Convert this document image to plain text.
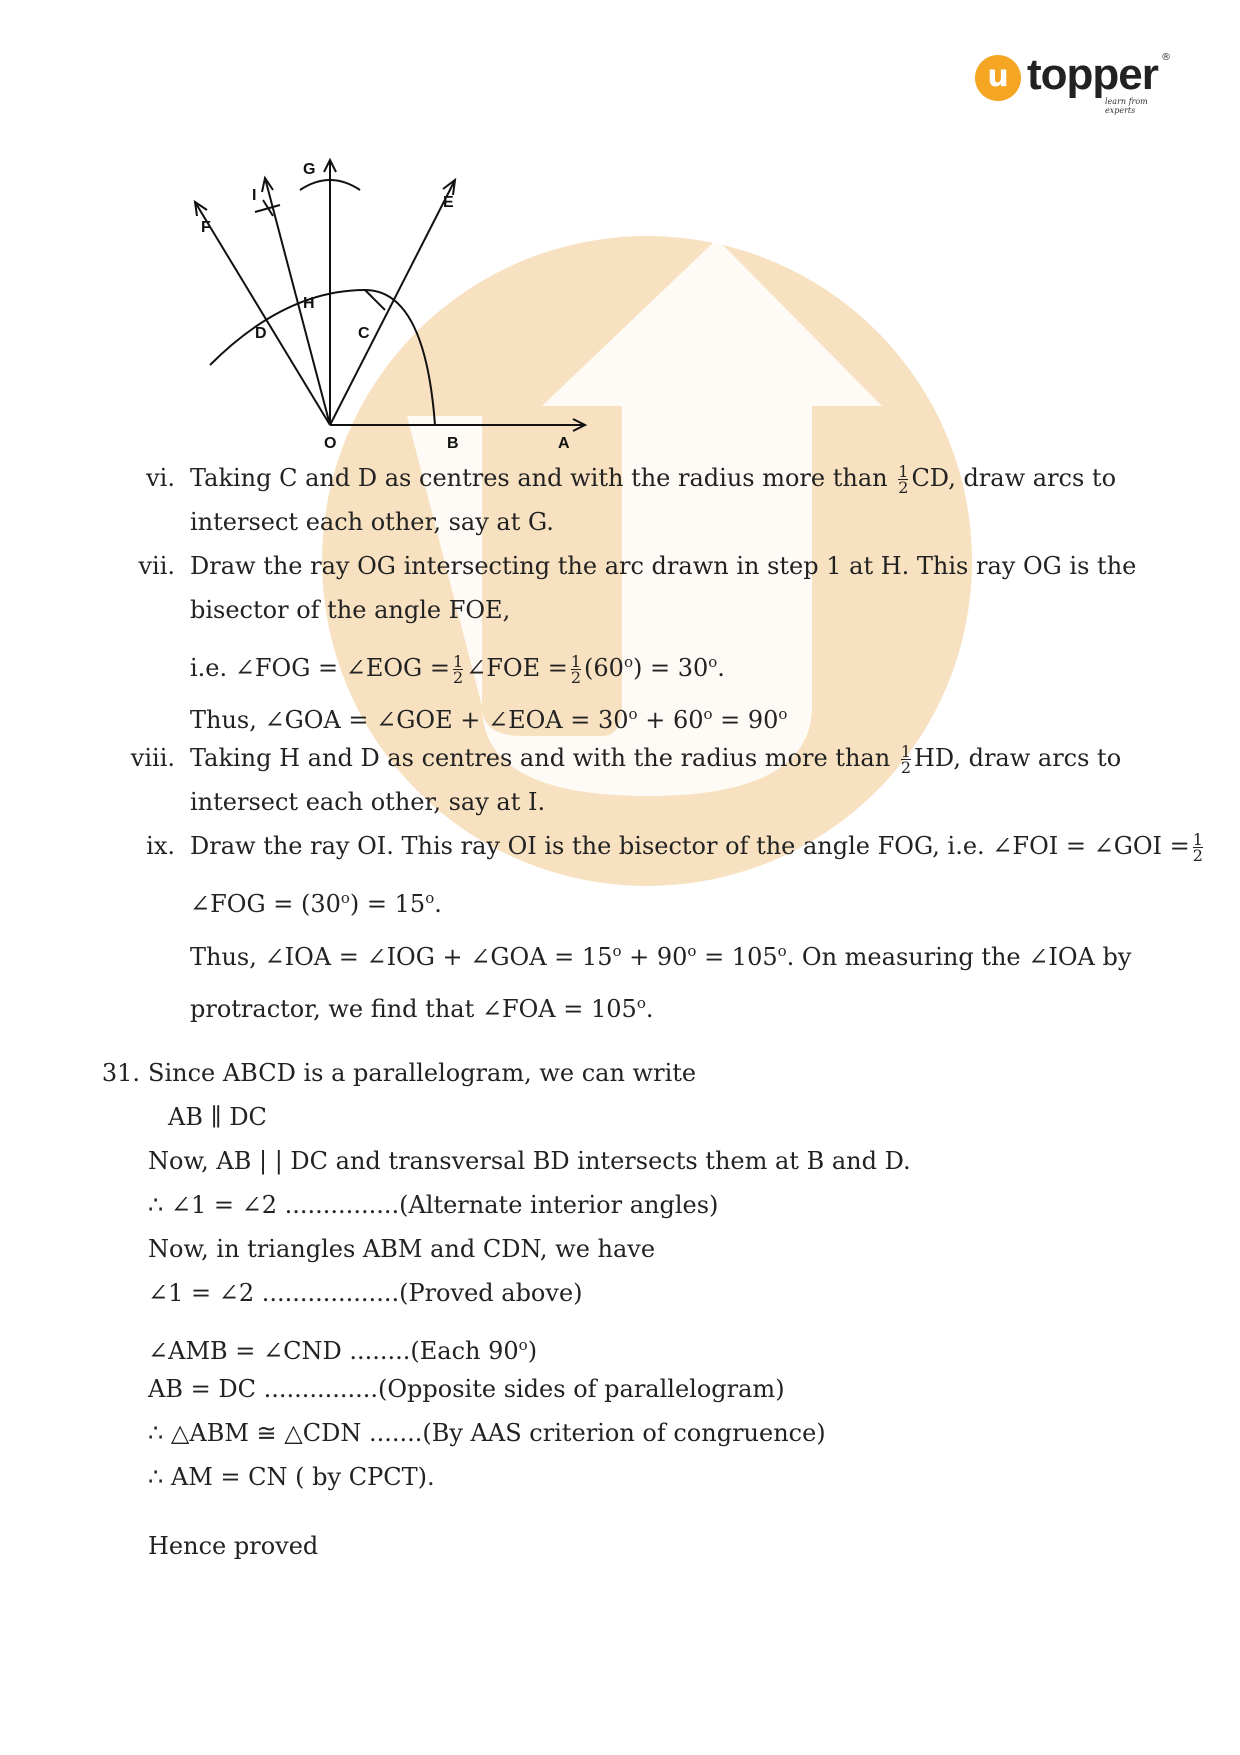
u topper ®
learn from experts
G
E
F
I
H
D	C
O	B	A
vi. Taking C and D as centres and with the radius more than $\frac{1}{2}$ CD, draw arcs to
intersect each other, say at G.
vii. Draw the ray OG intersecting the arc drawn in step 1 at H. This ray OG is the
bisector of the angle FOE,
i.e. ∠FOG = ∠EOG = $\frac{1}{2}$ ∠FOE = $\frac{1}{2} (60^o) = 30^o$.
Thus, ∠GOA = ∠GOE + ∠EOA = $30^o + 60^o = 90^o$
viii. Taking H and D as centres and with the radius more than $\frac{1}{2}$ HD, draw arcs to
intersect each other, say at I.
ix. Draw the ray OI. This ray OI is the bisector of the angle FOG, i.e. ∠FOI = ∠GOI = $\frac{1}{2}$
∠FOG = $(30^o) = 15^o$.
Thus, ∠IOA = ∠IOG + ∠GOA = $15^o + 90^o = 105^o$. On measuring the ∠IOA by
protractor, we find that ∠FOA = $105^o$.
31. Since ABCD is a parallelogram, we can write
AB ∥ DC
Now, AB | | DC and transversal BD intersects them at B and D.
∴ ∠1 = ∠2 ...............(Alternate interior angles)
Now, in triangles ABM and CDN, we have
∠1 = ∠2 ..................(Proved above)
∠AMB = ∠CND ........(Each 90$^o$)
AB = DC ...............(Opposite sides of parallelogram)
∴ △ABM ≅ △CDN .......(By AAS criterion of congruence)
∴ AM = CN ( by CPCT).
Hence proved
